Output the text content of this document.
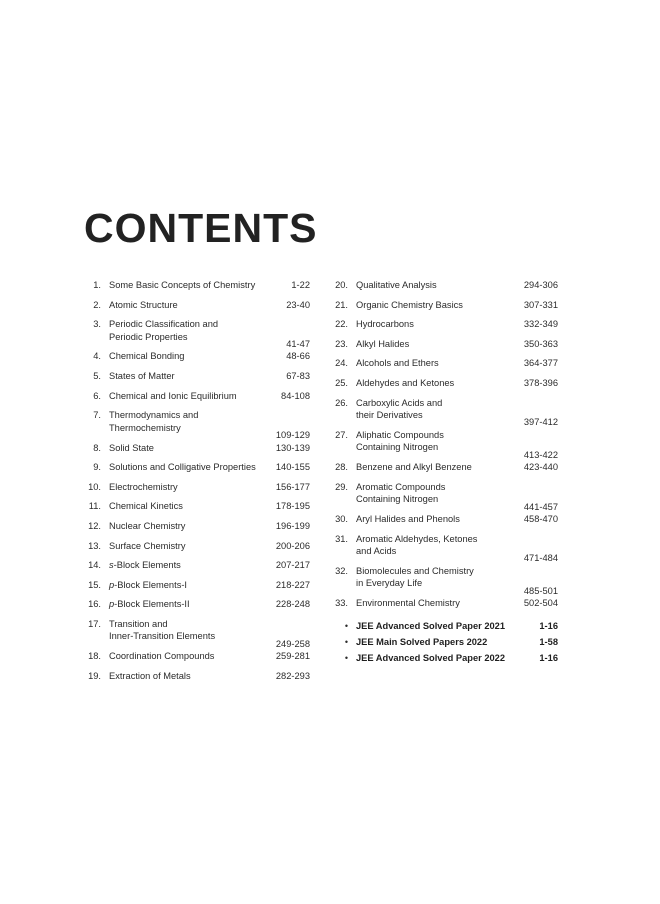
CONTENTS
1. Some Basic Concepts of Chemistry	1-22
2. Atomic Structure	23-40
3. Periodic Classification and
Periodic Properties
41-47
4. Chemical Bonding	48-66
5. States of Matter	67-83
6. Chemical and Ionic Equilibrium	84-108
7. Thermodynamics and
Thermochemistry
109-129
8. Solid State	130-139
9. Solutions and Colligative Properties	140-155
10. Electrochemistry	156-177
11. Chemical Kinetics	178-195
12. Nuclear Chemistry	196-199
13. Surface Chemistry	200-206
14. s-Block Elements	207-217
15. p-Block Elements-I	218-227
16. p-Block Elements-II	228-248
17. Transition and
Inner-Transition Elements
249-258
18. Coordination Compounds	259-281
19. Extraction of Metals	282-293
20. Qualitative Analysis	294-306
21. Organic Chemistry Basics	307-331
22. Hydrocarbons	332-349
23. Alkyl Halides	350-363
24. Alcohols and Ethers	364-377
25. Aldehydes and Ketones	378-396
26. Carboxylic Acids and
their Derivatives
397-412
27. Aliphatic Compounds
Containing Nitrogen
413-422
28. Benzene and Alkyl Benzene	423-440
29. Aromatic Compounds
Containing Nitrogen
441-457
30. Aryl Halides and Phenols	458-470
31. Aromatic Aldehydes, Ketones
and Acids
471-484
32. Biomolecules and Chemistry
in Everyday Life
485-501
33. Environmental Chemistry	502-504
• JEE Advanced Solved Paper 2021	1-16
• JEE Main Solved Papers 2022	1-58
• JEE Advanced Solved Paper 2022	1-16
